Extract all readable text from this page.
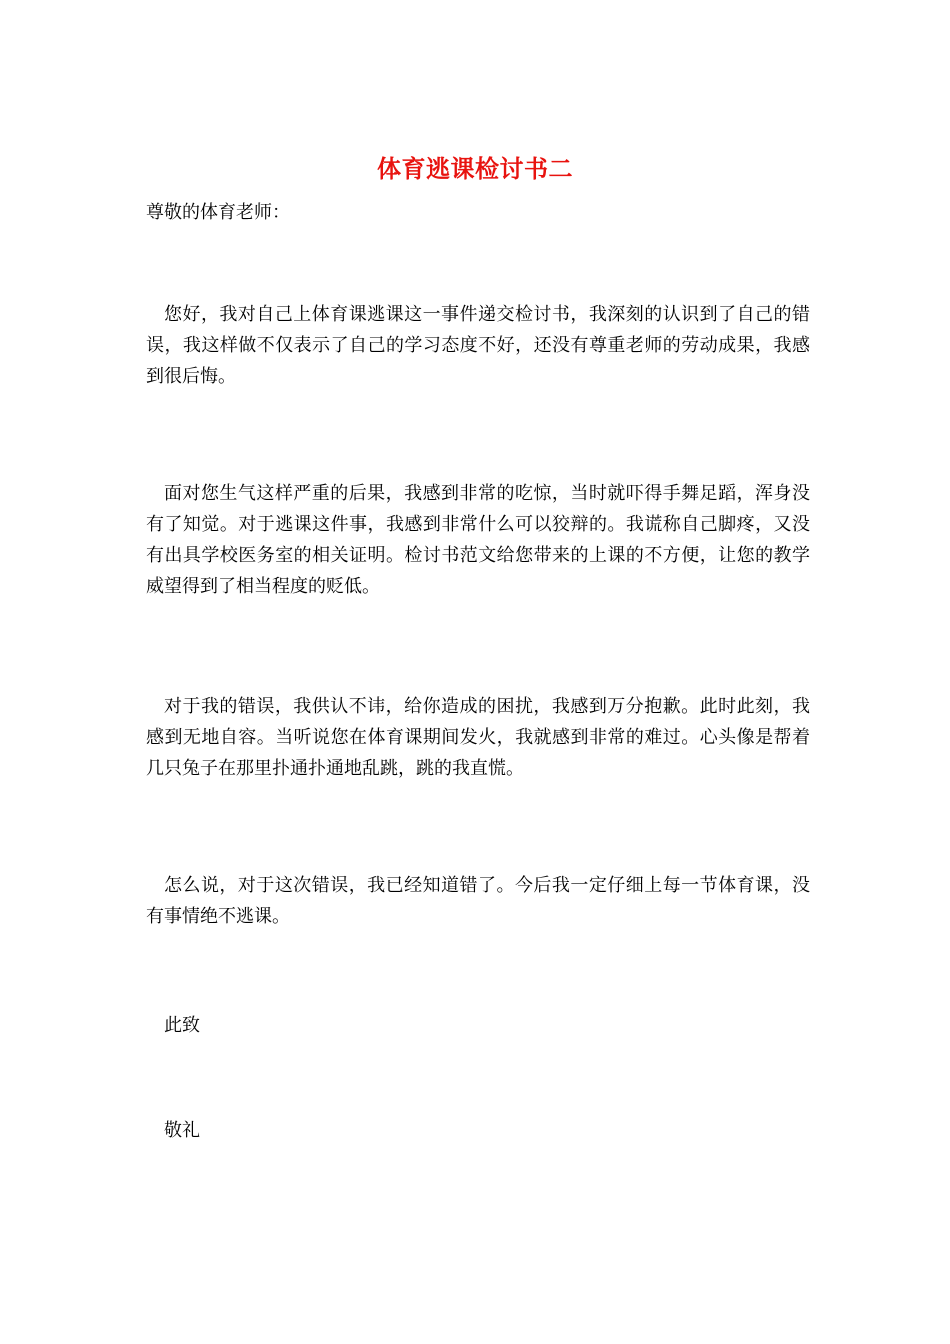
体育逃课检讨书二
尊敬的体育老师：

您好，我对自己上体育课逃课这一事件递交检讨书，我深刻的认识到了自己的错误，我这样做不仅表示了自己的学习态度不好，还没有尊重老师的劳动成果，我感到很后悔。

面对您生气这样严重的后果，我感到非常的吃惊，当时就吓得手舞足蹈，浑身没有了知觉。对于逃课这件事，我感到非常什么可以狡辩的。我谎称自己脚疼，又没有出具学校医务室的相关证明。检讨书范文给您带来的上课的不方便，让您的教学威望得到了相当程度的贬低。

对于我的错误，我供认不讳，给你造成的困扰，我感到万分抱歉。此时此刻，我感到无地自容。当听说您在体育课期间发火，我就感到非常的难过。心头像是帮着几只兔子在那里扑通扑通地乱跳，跳的我直慌。

怎么说，对于这次错误，我已经知道错了。今后我一定仔细上每一节体育课，没有事情绝不逃课。

此致
敬礼
